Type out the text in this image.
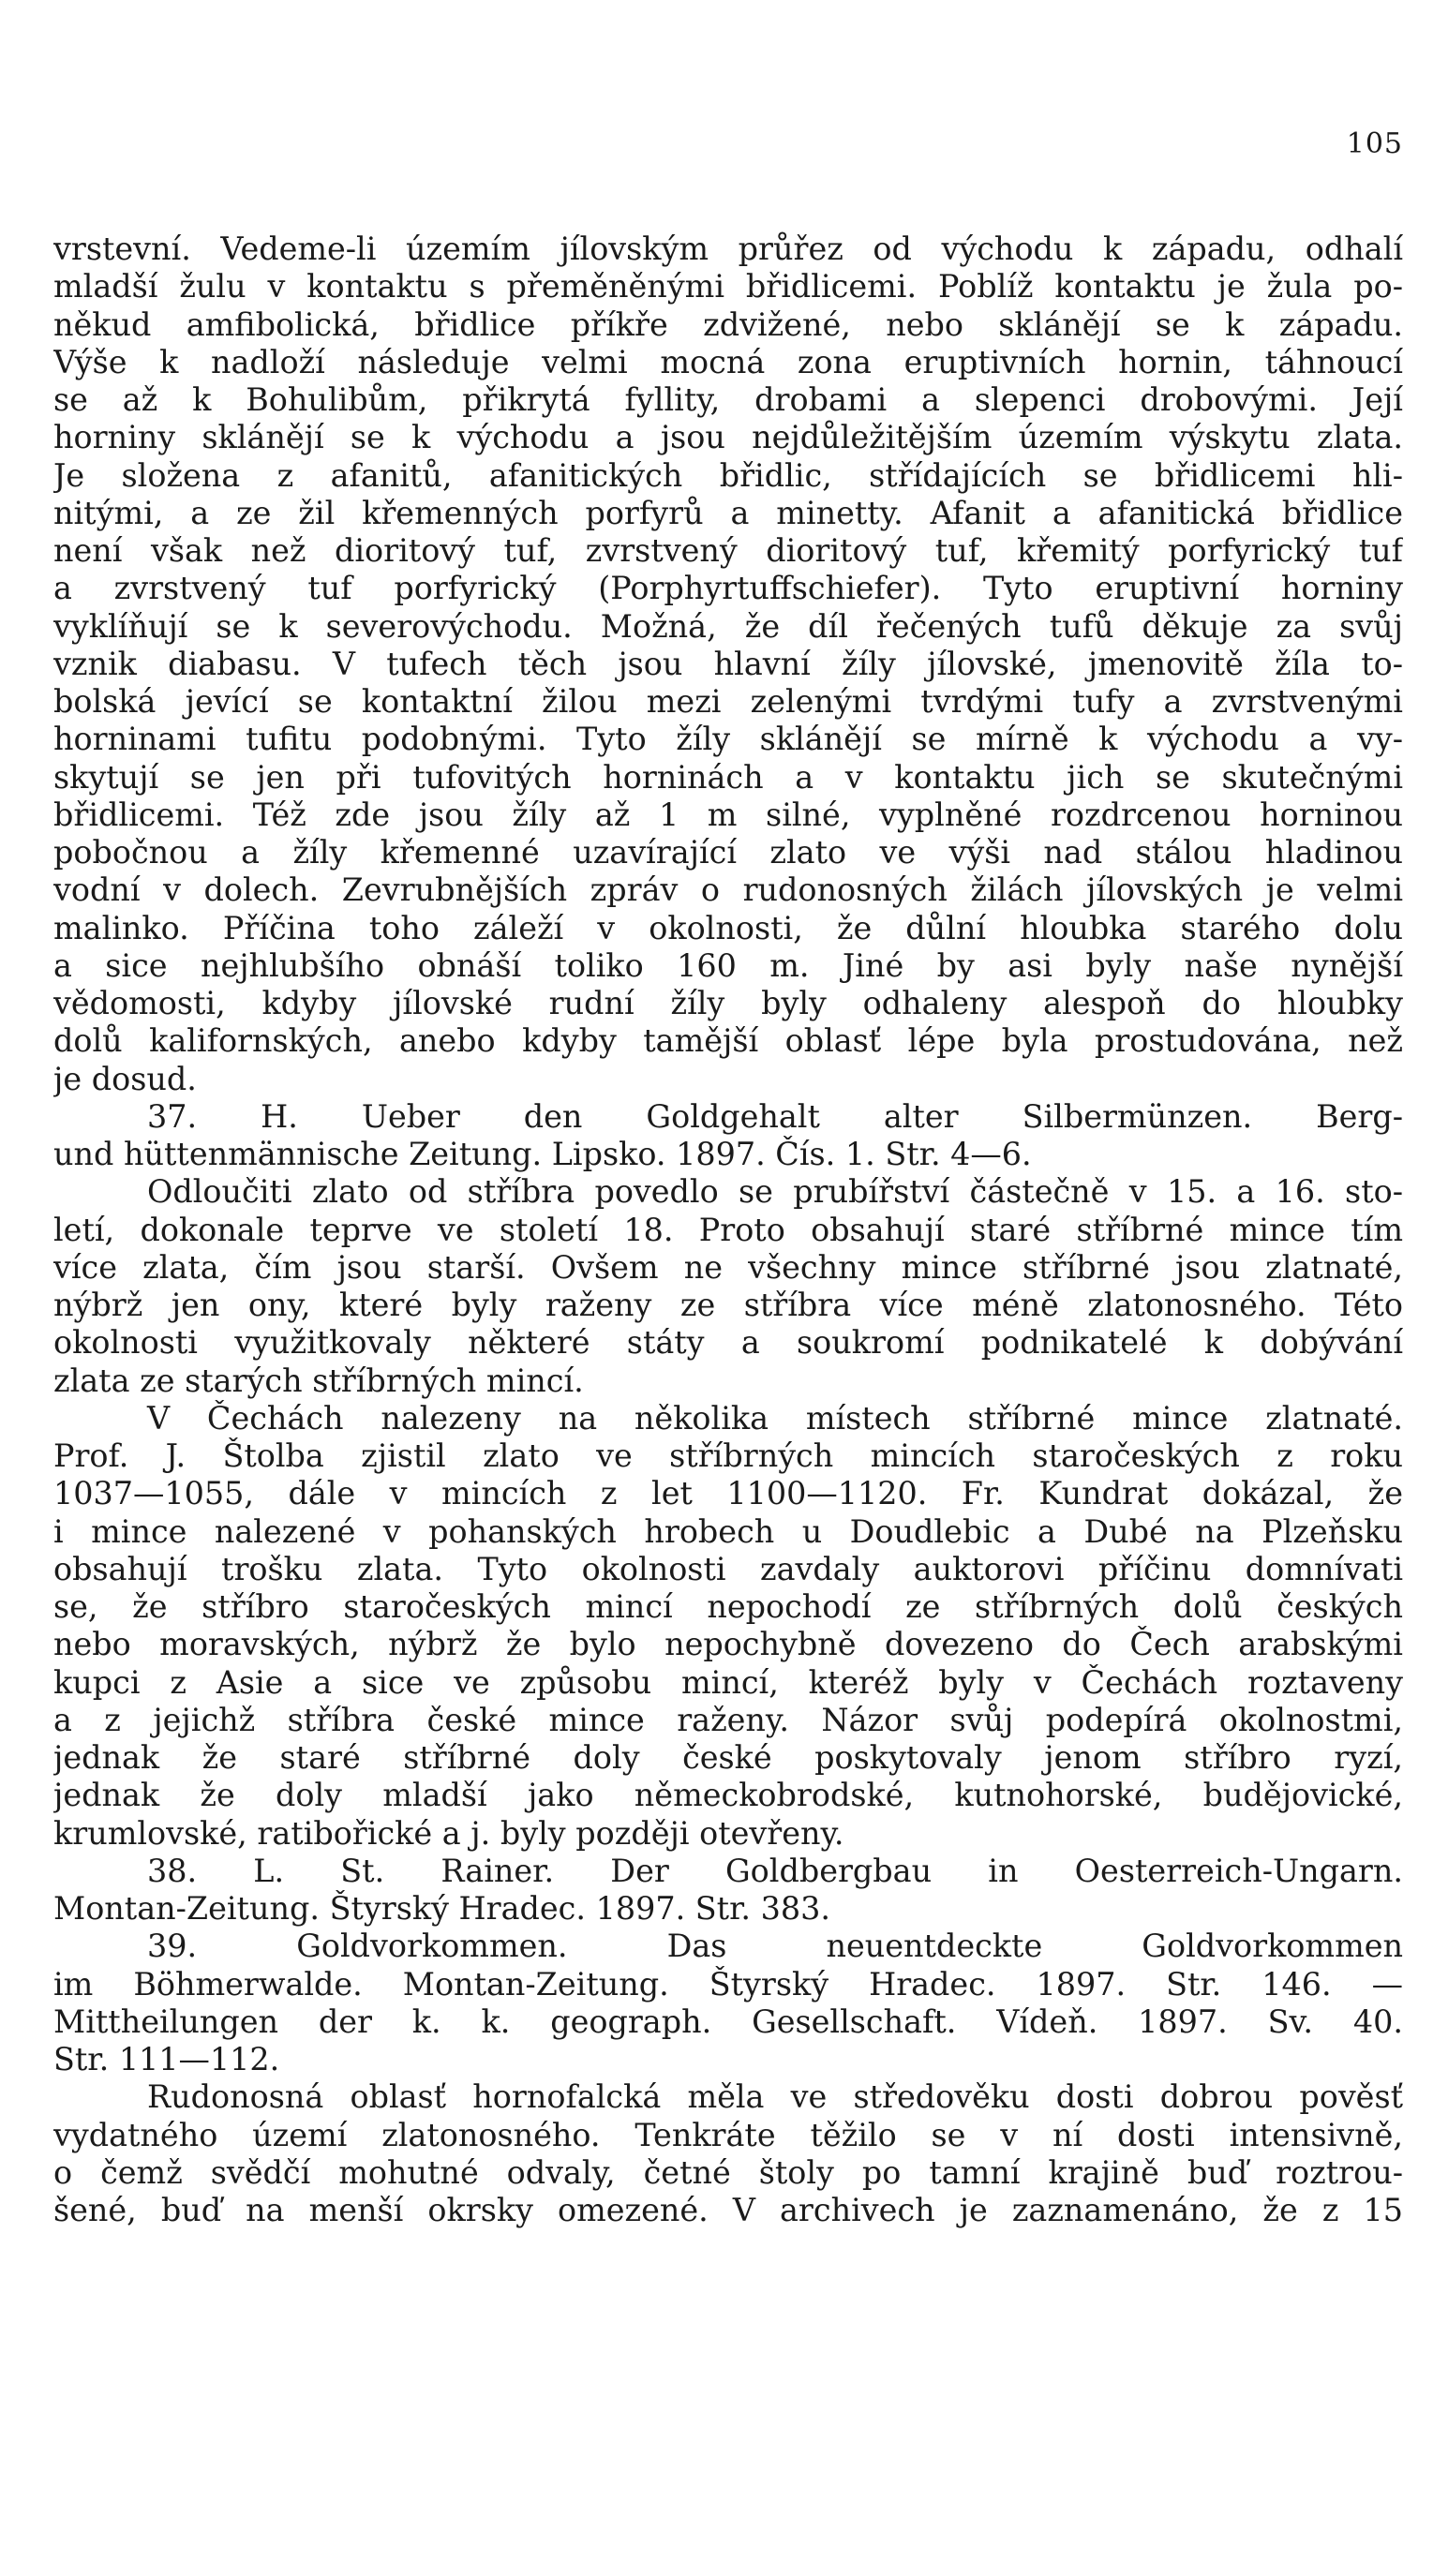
105
vrstevní. Vedeme-li územím jílovským průřez od východu k západu, odhalí
mladší žulu v kontaktu s přeměněnými břidlicemi. Poblíž kontaktu je žula po-
někud amfibolická, břidlice příkře zdvižené, nebo sklánějí se k západu.
Výše k nadloží následuje velmi mocná zona eruptivních hornin, táhnoucí
se až k Bohulibům, přikrytá fyllity, drobami a slepenci drobovými. Její
horniny sklánějí se k východu a jsou nejdůležitějším územím výskytu zlata.
Je složena z afanitů, afanitických břidlic, střídajících se břidlicemi hli-
nitými, a ze žil křemenných porfyrů a minetty. Afanit a afanitická břidlice
není však než dioritový tuf, zvrstvený dioritový tuf, křemitý porfyrický tuf
a zvrstvený tuf porfyrický (Porphyrtuffschiefer). Tyto eruptivní horniny
vyklíňují se k severovýchodu. Možná, že díl řečených tufů děkuje za svůj
vznik diabasu. V tufech těch jsou hlavní žíly jílovské, jmenovitě žíla to-
bolská jevící se kontaktní žilou mezi zelenými tvrdými tufy a zvrstvenými
horninami tufitu podobnými. Tyto žíly sklánějí se mírně k východu a vy-
skytují se jen při tufovitých horninách a v kontaktu jich se skutečnými
břidlicemi. Též zde jsou žíly až 1 m silné, vyplněné rozdrcenou horninou
pobočnou a žíly křemenné uzavírající zlato ve výši nad stálou hladinou
vodní v dolech. Zevrubnějších zpráv o rudonosných žilách jílovských je velmi
malinko. Příčina toho záleží v okolnosti, že důlní hloubka starého dolu
a sice nejhlubšího obnáší toliko 160 m. Jiné by asi byly naše nynější
vědomosti, kdyby jílovské rudní žíly byly odhaleny alespoň do hloubky
dolů kalifornských, anebo kdyby tamější oblasť lépe byla prostudována, než
je dosud.
37. H. Ueber den Goldgehalt alter Silbermünzen. Berg-
und hüttenmännische Zeitung. Lipsko. 1897. Čís. 1. Str. 4—6.
Odloučiti zlato od stříbra povedlo se prubířství částečně v 15. a 16. sto-
letí, dokonale teprve ve století 18. Proto obsahují staré stříbrné mince tím
více zlata, čím jsou starší. Ovšem ne všechny mince stříbrné jsou zlatnaté,
nýbrž jen ony, které byly raženy ze stříbra více méně zlatonosného. Této
okolnosti využitkovaly některé státy a soukromí podnikatelé k dobývání
zlata ze starých stříbrných mincí.
V Čechách nalezeny na několika místech stříbrné mince zlatnaté.
Prof. J. Štolba zjistil zlato ve stříbrných mincích staročeských z roku
1037—1055, dále v mincích z let 1100—1120. Fr. Kundrat dokázal, že
i mince nalezené v pohanských hrobech u Doudlebic a Dubé na Plzeňsku
obsahují trošku zlata. Tyto okolnosti zavdaly auktorovi příčinu domnívati
se, že stříbro staročeských mincí nepochodí ze stříbrných dolů českých
nebo moravských, nýbrž že bylo nepochybně dovezeno do Čech arabskými
kupci z Asie a sice ve způsobu mincí, kteréž byly v Čechách roztaveny
a z jejichž stříbra české mince raženy. Názor svůj podepírá okolnostmi,
jednak že staré stříbrné doly české poskytovaly jenom stříbro ryzí,
jednak že doly mladší jako německobrodské, kutnohorské, budějovické,
krumlovské, ratibořické a j. byly později otevřeny.
38. L. St. Rainer. Der Goldbergbau in Oesterreich-Ungarn.
Montan-Zeitung. Štyrský Hradec. 1897. Str. 383.
39. Goldvorkommen. Das neuentdeckte Goldvorkommen
im Böhmerwalde. Montan-Zeitung. Štyrský Hradec. 1897. Str. 146. —
Mittheilungen der k. k. geograph. Gesellschaft. Vídeň. 1897. Sv. 40.
Str. 111—112.
Rudonosná oblasť hornofalcká měla ve středověku dosti dobrou pověsť
vydatného území zlatonosného. Tenkráte těžilo se v ní dosti intensivně,
o čemž svědčí mohutné odvaly, četné štoly po tamní krajině buď roztrou-
šené, buď na menší okrsky omezené. V archivech je zaznamenáno, že z 15
